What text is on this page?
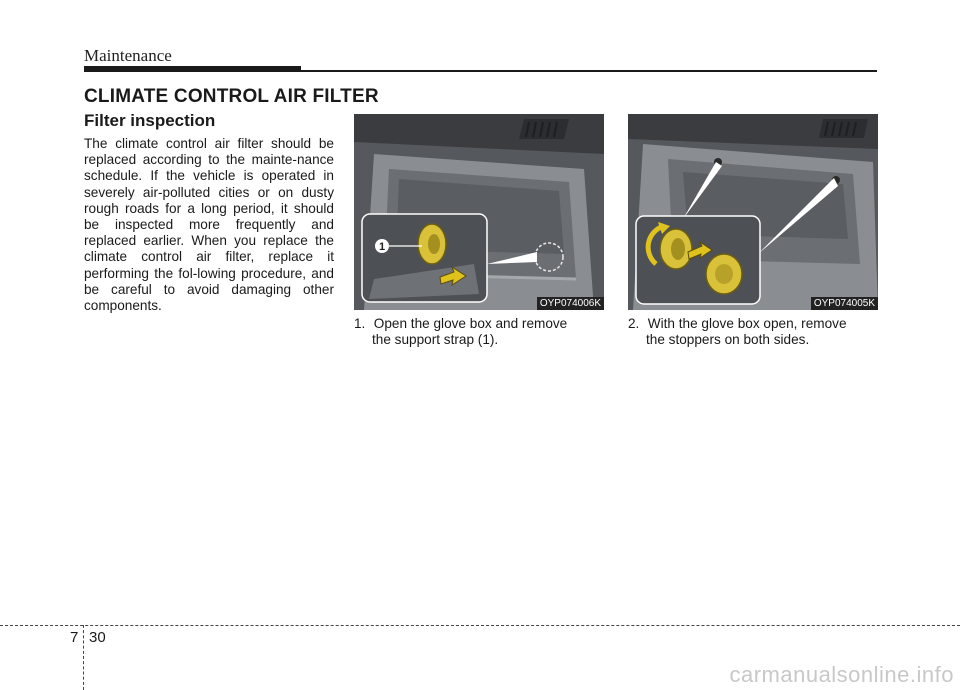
Maintenance
CLIMATE CONTROL AIR FILTER
Filter inspection
The climate control air filter should be replaced according to the mainte-nance schedule. If the vehicle is operated in severely air-polluted cities or on dusty rough roads for a long period, it should be inspected more frequently and replaced earlier. When you replace the climate control air filter, replace it performing the fol-lowing procedure, and be careful to avoid damaging other components.
1
OYP074006K	OYP074005K
1. Open the glove box and remove
the support strap (1).
2. With the glove box open, remove
the stoppers on both sides.
7 30
carmanualsonline.info
